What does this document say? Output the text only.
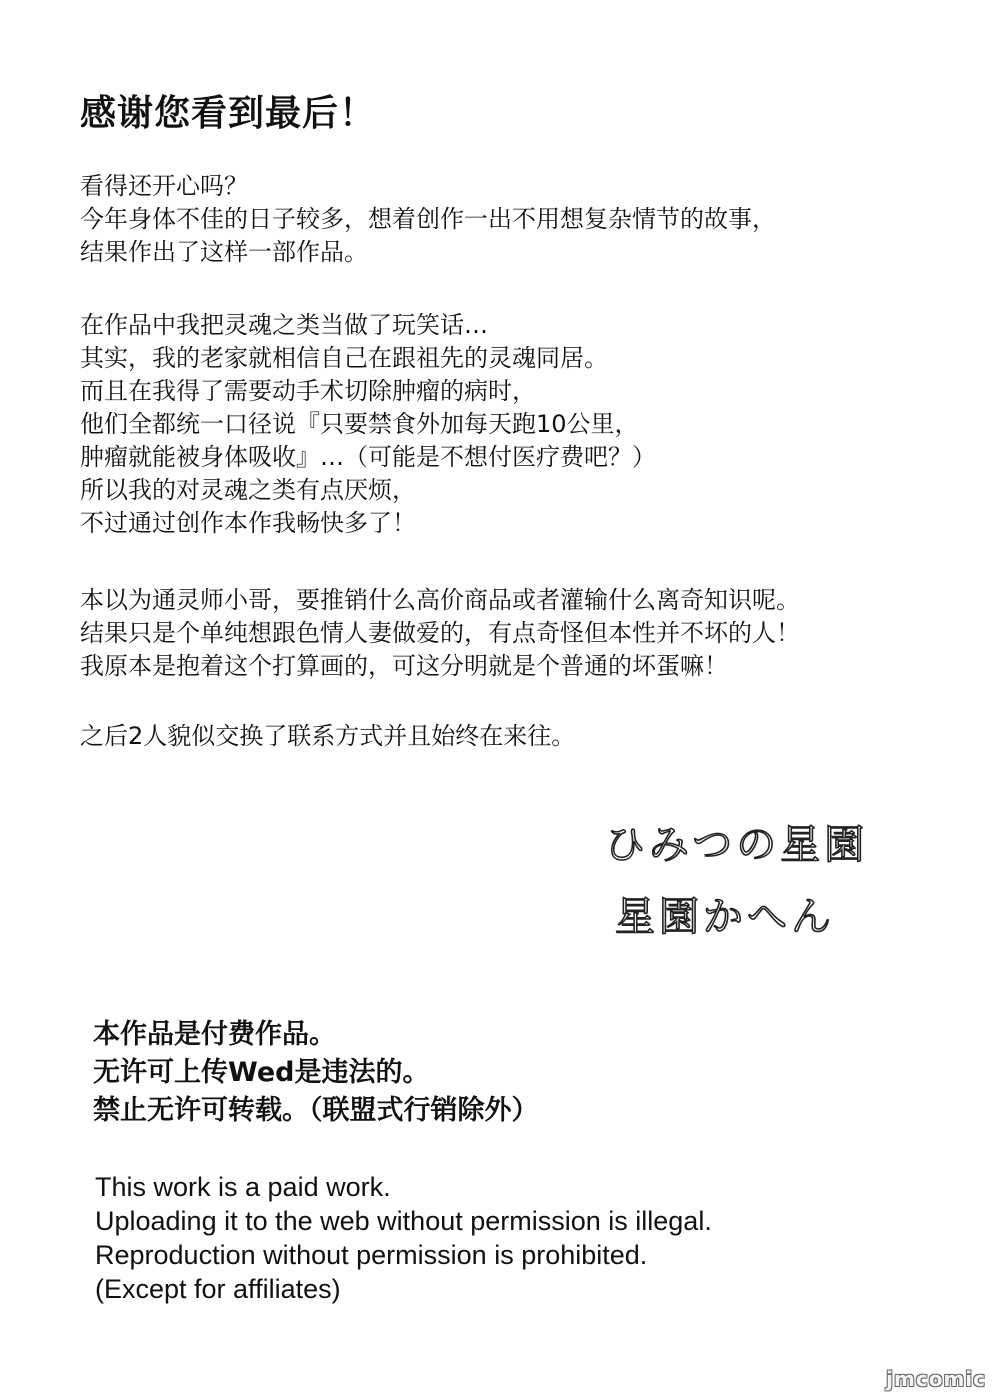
感谢您看到最后！
看得还开心吗？
今年身体不佳的日子较多，想着创作一出不用想复杂情节的故事，
结果作出了这样一部作品。
在作品中我把灵魂之类当做了玩笑话…
其实，我的老家就相信自己在跟祖先的灵魂同居。
而且在我得了需要动手术切除肿瘤的病时，
他们全都统一口径说『只要禁食外加每天跑10公里，
肿瘤就能被身体吸收』…（可能是不想付医疗费吧？）
所以我的对灵魂之类有点厌烦，
不过通过创作本作我畅快多了！
本以为通灵师小哥，要推销什么高价商品或者灌输什么离奇知识呢。
结果只是个单纯想跟色情人妻做爱的，有点奇怪但本性并不坏的人！
我原本是抱着这个打算画的，可这分明就是个普通的坏蛋嘛！
之后2人貌似交换了联系方式并且始终在来往。
ひみつの星園
星園かへん
本作品是付费作品。
无许可上传Wed是违法的。
禁止无许可转载。（联盟式行销除外）
This work is a paid work.
Uploading it to the web without permission is illegal.
Reproduction without permission is prohibited.
(Except for affiliates)
jmcomic
